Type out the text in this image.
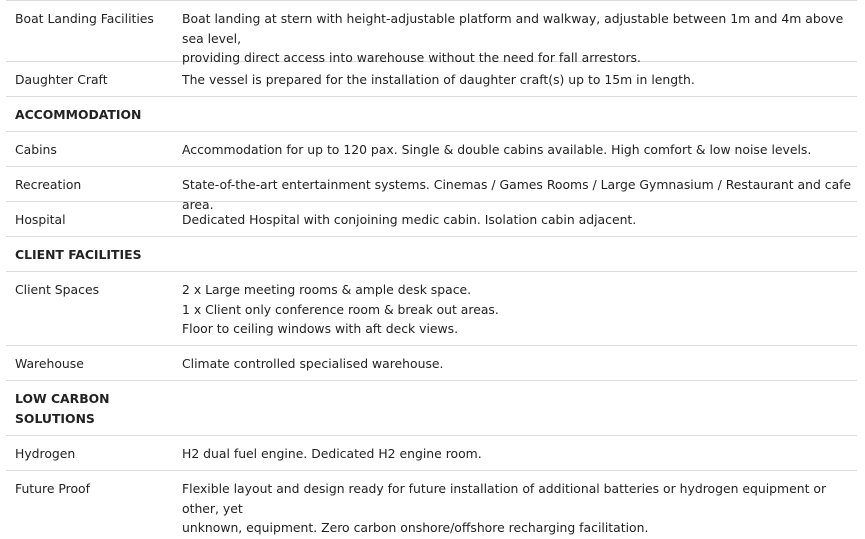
Boat Landing Facilities	Boat landing at stern with height-adjustable platform and walkway, adjustable between 1m and 4m above sea level,
providing direct access into warehouse without the need for fall arrestors.
Daughter Craft	The vessel is prepared for the installation of daughter craft(s) up to 15m in length.
ACCOMMODATION
Cabins	Accommodation for up to 120 pax. Single & double cabins available. High comfort & low noise levels.
Recreation	State-of-the-art entertainment systems. Cinemas / Games Rooms / Large Gymnasium / Restaurant and cafe area.
Hospital	Dedicated Hospital with conjoining medic cabin. Isolation cabin adjacent.
CLIENT FACILITIES
Client Spaces	2 x Large meeting rooms & ample desk space.
1 x Client only conference room & break out areas.
Floor to ceiling windows with aft deck views.
Warehouse	Climate controlled specialised warehouse.
LOW CARBON SOLUTIONS
Hydrogen	H2 dual fuel engine. Dedicated H2 engine room.
Future Proof	Flexible layout and design ready for future installation of additional batteries or hydrogen equipment or other, yet
unknown, equipment. Zero carbon onshore/offshore recharging facilitation.
